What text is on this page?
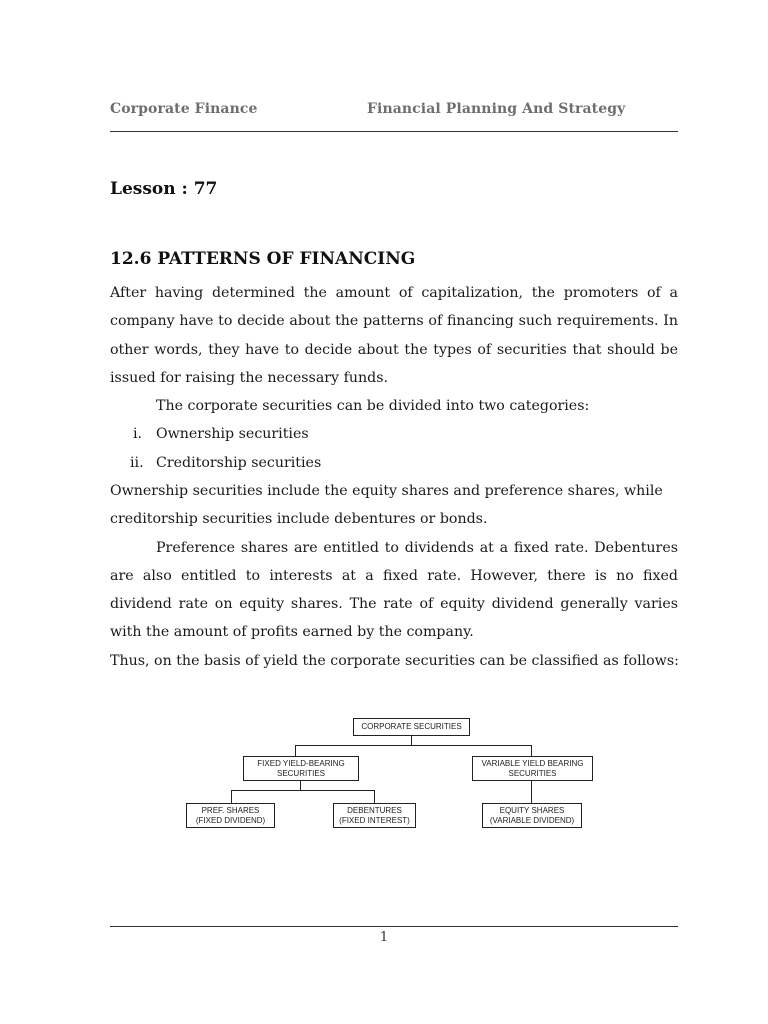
Corporate Finance	Financial Planning And Strategy
Lesson : 77
12.6 PATTERNS OF FINANCING
After having determined the amount of capitalization, the promoters of a
company have to decide about the patterns of financing such requirements. In
other words, they have to decide about the types of securities that should be
issued for raising the necessary funds.
The corporate securities can be divided into two categories:
i. Ownership securities
ii. Creditorship securities
Ownership securities include the equity shares and preference shares, while
creditorship securities include debentures or bonds.
Preference shares are entitled to dividends at a fixed rate. Debentures
are also entitled to interests at a fixed rate. However, there is no fixed
dividend rate on equity shares. The rate of equity dividend generally varies
with the amount of profits earned by the company.
Thus, on the basis of yield the corporate securities can be classified as follows:
CORPORATE SECURITIES
FIXED YIELD-BEARING
SECURITIES
VARIABLE YIELD BEARING
SECURITIES
PREF. SHARES
(FIXED DIVIDEND)
DEBENTURES
(FIXED INTEREST)
EQUITY SHARES
(VARIABLE DIVIDEND)
1
